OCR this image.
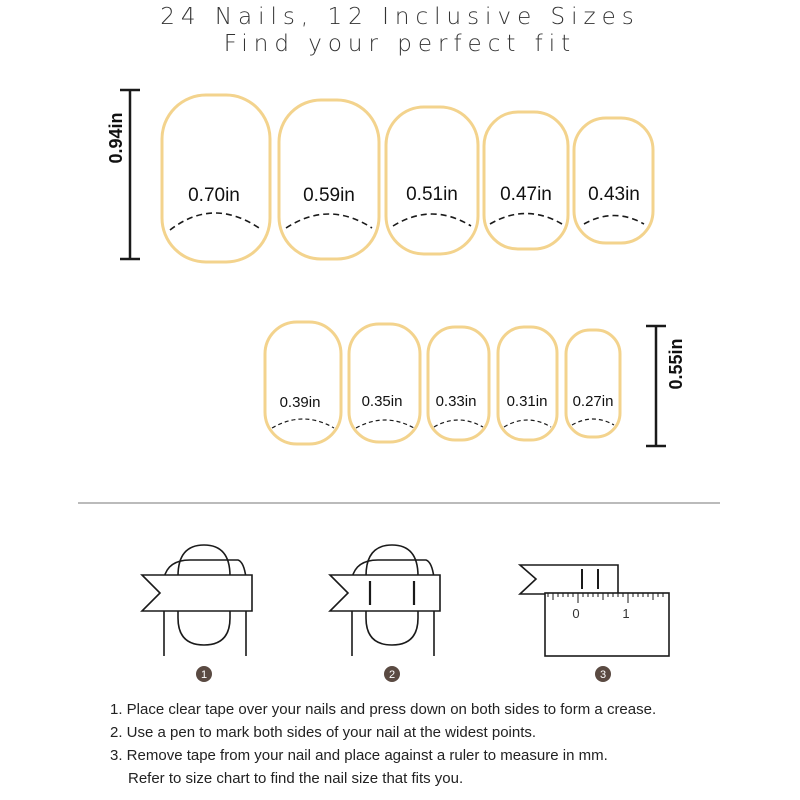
24 Nails, 12 Inclusive Sizes
Find your perfect fit
0.70in	0.59in	0.51in 0.47in 0.43in
0.94in
0.39in	0.35in 0.33in 0.31in 0.27in
0.55in
1	2
0	1
3
1. Place clear tape over your nails and press down on both sides to form a crease.
2. Use a pen to mark both sides of your nail at the widest points.
3. Remove tape from your nail and place against a ruler to measure in mm.
Refer to size chart to find the nail size that fits you.
